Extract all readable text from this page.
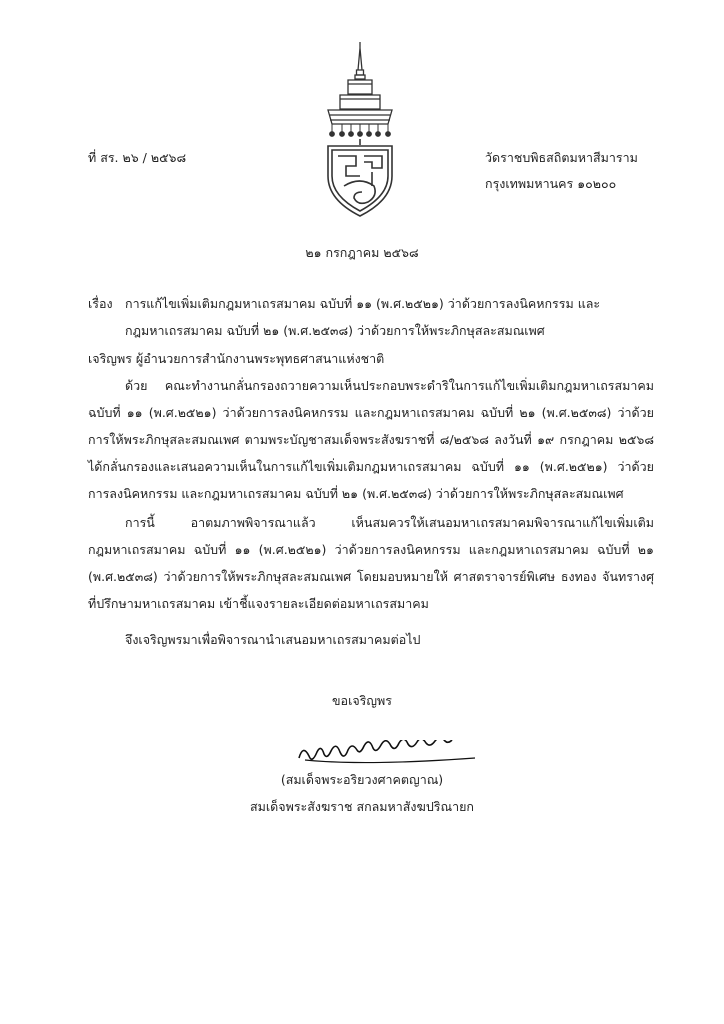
ที่ สร. ๒๖ / ๒๕๖๘	วัดราชบพิธสถิตมหาสีมาราม
กรุงเทพมหานคร ๑๐๒๐๐
๒๑ กรกฎาคม ๒๕๖๘
เรื่อง การแก้ไขเพิ่มเติมกฎมหาเถรสมาคม ฉบับที่ ๑๑ (พ.ศ.๒๕๒๑) ว่าด้วยการลงนิคหกรรม และ
กฎมหาเถรสมาคม ฉบับที่ ๒๑ (พ.ศ.๒๕๓๘) ว่าด้วยการให้พระภิกษุสละสมณเพศ
เจริญพร ผู้อำนวยการสำนักงานพระพุทธศาสนาแห่งชาติ
ด้วย คณะทำงานกลั่นกรองถวายความเห็นประกอบพระดำริในการแก้ไขเพิ่มเติมกฎมหาเถรสมาคม
ฉบับที่ ๑๑ (พ.ศ.๒๕๒๑) ว่าด้วยการลงนิคหกรรม และกฎมหาเถรสมาคม ฉบับที่ ๒๑ (พ.ศ.๒๕๓๘) ว่าด้วย
การให้พระภิกษุสละสมณเพศ ตามพระบัญชาสมเด็จพระสังฆราชที่ ๘/๒๕๖๘ ลงวันที่ ๑๙ กรกฎาคม ๒๕๖๘
ได้กลั่นกรองและเสนอความเห็นในการแก้ไขเพิ่มเติมกฎมหาเถรสมาคม ฉบับที่ ๑๑ (พ.ศ.๒๕๒๑) ว่าด้วย
การลงนิคหกรรม และกฎมหาเถรสมาคม ฉบับที่ ๒๑ (พ.ศ.๒๕๓๘) ว่าด้วยการให้พระภิกษุสละสมณเพศ
การนี้ อาตมภาพพิจารณาแล้ว เห็นสมควรให้เสนอมหาเถรสมาคมพิจารณาแก้ไขเพิ่มเติม
กฎมหาเถรสมาคม ฉบับที่ ๑๑ (พ.ศ.๒๕๒๑) ว่าด้วยการลงนิคหกรรม และกฎมหาเถรสมาคม ฉบับที่ ๒๑
(พ.ศ.๒๕๓๘) ว่าด้วยการให้พระภิกษุสละสมณเพศ โดยมอบหมายให้ ศาสตราจารย์พิเศษ ธงทอง จันทรางศุ
ที่ปรึกษามหาเถรสมาคม เข้าชี้แจงรายละเอียดต่อมหาเถรสมาคม
จึงเจริญพรมาเพื่อพิจารณานำเสนอมหาเถรสมาคมต่อไป
ขอเจริญพร
(สมเด็จพระอริยวงศาคตญาณ)
สมเด็จพระสังฆราช สกลมหาสังฆปริณายก
